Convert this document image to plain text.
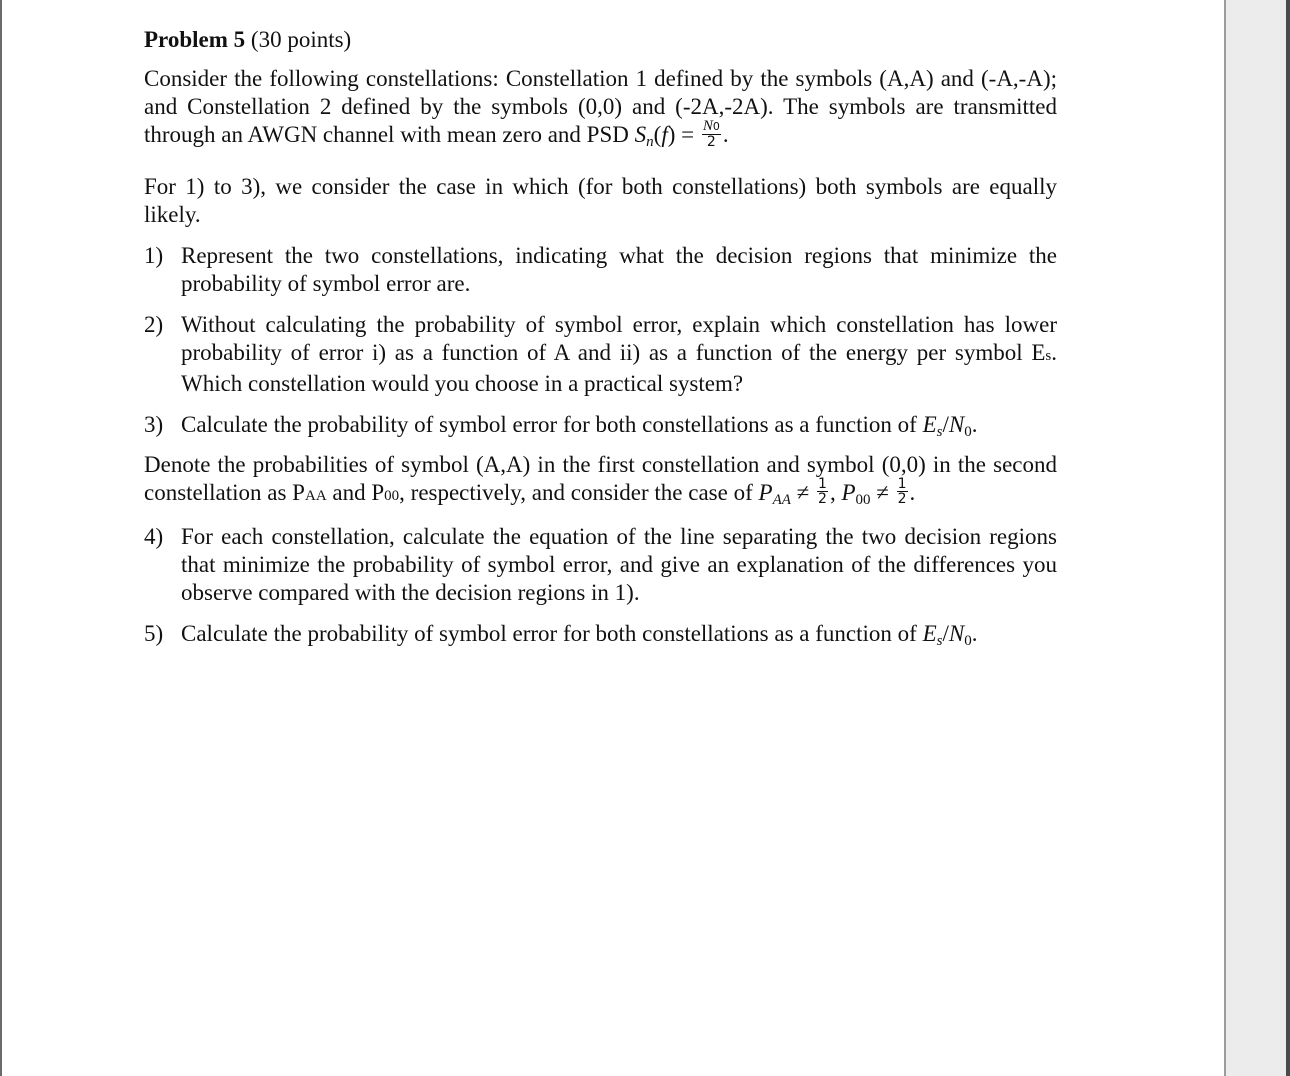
Problem 5 (30 points)

Consider the following constellations: Constellation 1 defined by the symbols (A,A) and (-A,-A); and Constellation 2 defined by the symbols (0,0) and (-2A,-2A). The symbols are transmitted through an AWGN channel with mean zero and PSD $S_n(f) = \frac{N0}{2}$ .

For 1) to 3), we consider the case in which (for both constellations) both symbols are equally likely.

1) Represent the two constellations, indicating what the decision regions that minimize the probability of symbol error are.
2) Without calculating the probability of symbol error, explain which constellation has lower probability of error i) as a function of A and ii) as a function of the energy per symbol Es. Which constellation would you choose in a practical system?
3) Calculate the probability of symbol error for both constellations as a function of $E_s/N_0$.

Denote the probabilities of symbol (A,A) in the first constellation and symbol (0,0) in the second constellation as PAA and P00, respectively, and consider the case of $P_{AA} \ne \frac{1}{2}$ , $P_{00} \ne \frac{1}{2}$ .

4) For each constellation, calculate the equation of the line separating the two decision regions that minimize the probability of symbol error, and give an explanation of the differences you observe compared with the decision regions in 1).
5) Calculate the probability of symbol error for both constellations as a function of $E_s/N_0$.
